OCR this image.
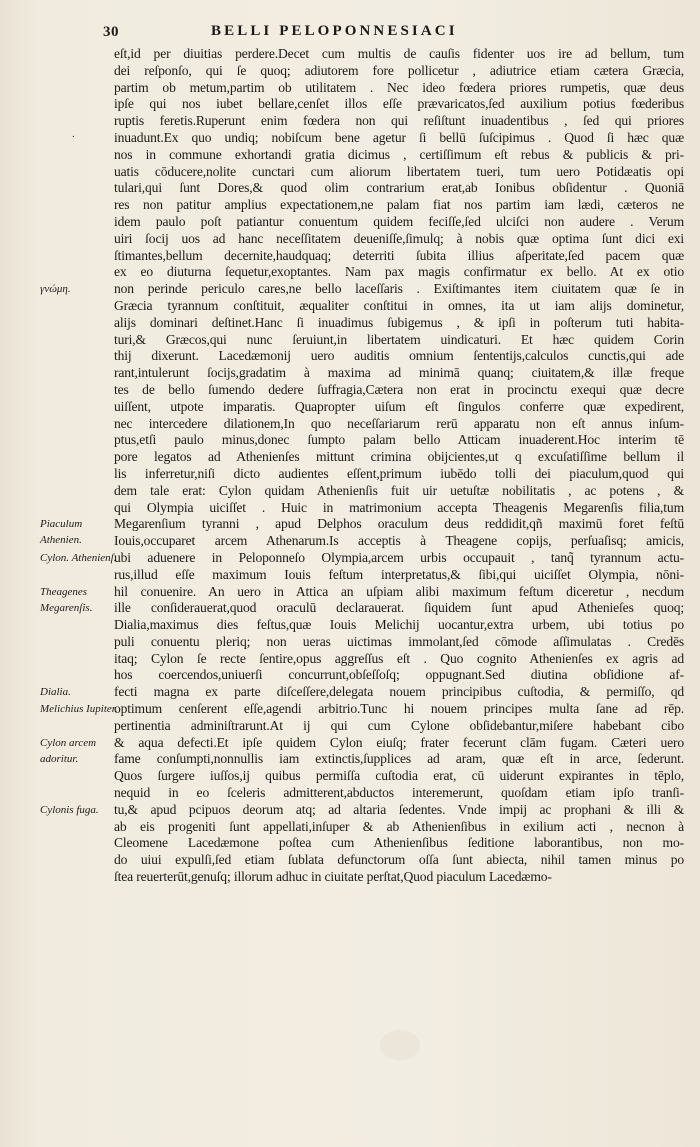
30	BELLI PELOPONNESIACI
·
γνώμη.
Piaculum Athenien.
Cylon. Athenienſ.
Theagenes Megarenſis.
Dialia.
Melichius Iupiter.
Cylon arcem adoritur.
Cylonis fuga.
eſt,id per diuitias perdere.Decet cum multis de cauſis fidenter uos ire ad bellum, tum
dei reſponſo, qui ſe quoq; adiutorem fore pollicetur , adiutrice etiam cætera Græcia,
partim ob metum,partim ob utilitatem . Nec ideo fœdera priores rumpetis, quæ deus
ipſe qui nos iubet bellare,cenſet illos eſſe prævaricatos,ſed auxilium potius fœderibus
ruptis feretis.Ruperunt enim fœdera non qui reſiſtunt inuadentibus , ſed qui priores
inuadunt.Ex quo undiq; nobiſcum bene agetur ſi bellū ſuſcipimus . Quod ſi hæc quæ
nos in commune exhortandi gratia dicimus , certiſſimum eſt rebus & publicis & pri-
uatis cōducere,nolite cunctari cum aliorum libertatem tueri, tum uero Potidæatis opi
tulari,qui ſunt Dores,& quod olim contrarium erat,ab Ionibus obſidentur . Quoniā
res non patitur amplius expectationem,ne palam fiat nos partim iam lædi, cæteros ne
idem paulo poſt patiantur conuentum quidem feciſſe,ſed ulciſci non audere . Verum
uiri ſocij uos ad hanc neceſſitatem deueniſſe,ſimulq; à nobis quæ optima ſunt dici exi
ſtimantes,bellum decernite,haudquaq; deterriti ſubita illius aſperitate,ſed pacem quæ
ex eo diuturna ſequetur,exoptantes. Nam pax magis confirmatur ex bello. At ex otio
non perinde periculo cares,ne bello laceſſaris . Exiſtimantes item ciuitatem quæ ſe in
Græcia tyrannum conſtituit, æqualiter conſtitui in omnes, ita ut iam alijs dominetur,
alijs dominari deſtinet.Hanc ſi inuadimus ſubigemus , & ipſi in poſterum tuti habita-
turi,& Græcos,qui nunc ſeruiunt,in libertatem uindicaturi. Et hæc quidem Corin
thij dixerunt. Lacedæmonij uero auditis omnium ſententijs,calculos cunctis,qui ade
rant,intulerunt ſocijs,gradatim à maxima ad minimā quanq; ciuitatem,& illæ freque
tes de bello ſumendo dedere ſuffragia,Cætera non erat in procinctu exequi quæ decre
uiſſent, utpote imparatis. Quapropter uiſum eſt ſingulos conferre quæ expedirent,
nec intercedere dilationem,In quo neceſſariarum rerū apparatu non eſt annus inſum-
ptus,etſi paulo minus,donec ſumpto palam bello Atticam inuaderent.Hoc interim tē
pore legatos ad Athenienſes mittunt crimina obijcientes,ut q excuſatiſſime bellum il
lis inferretur,niſi dicto audientes eſſent,primum iubēdo tolli dei piaculum,quod qui
dem tale erat: Cylon quidam Athenienſis fuit uir uetuſtæ nobilitatis , ac potens , &
qui Olympia uiciſſet . Huic in matrimonium accepta Theagenis Megarenſis filia,tum
Megarenſium tyranni , apud Delphos oraculum deus reddidit,qñ maximū foret feſtū
Iouis,occuparet arcem Athenarum.Is acceptis à Theagene copijs, perſuaſisq; amicis,
ubi aduenere in Peloponneſo Olympia,arcem urbis occupauit , tanq̃ tyrannum actu-
rus,illud eſſe maximum Iouis feſtum interpretatus,& ſibi,qui uiciſſet Olympia, nōni-
hil conuenire. An uero in Attica an uſpiam alibi maximum feſtum diceretur , necdum
ille conſiderauerat,quod oraculū declarauerat. ſiquidem ſunt apud Athenieſes quoq;
Dialia,maximus dies feſtus,quæ Iouis Melichij uocantur,extra urbem, ubi totius po
puli conuentu pleriq; non ueras uictimas immolant,ſed cōmode aſſimulatas . Credēs
itaq; Cylon ſe recte ſentire,opus aggreſſus eſt . Quo cognito Athenienſes ex agris ad
hos coercendos,uniuerſi concurrunt,obſeſſoſq; oppugnant.Sed diutina obſidione af-
fecti magna ex parte diſceſſere,delegata nouem principibus cuſtodia, & permiſſo, qd
optimum cenſerent eſſe,agendi arbitrio.Tunc hi nouem principes multa ſane ad rēp.
pertinentia adminiſtrarunt.At ij qui cum Cylone obſidebantur,miſere habebant cibo
& aqua defecti.Et ipſe quidem Cylon eiuſq; frater fecerunt clām fugam. Cæteri uero
fame conſumpti,nonnullis iam extinctis,ſupplices ad aram, quæ eſt in arce, ſederunt.
Quos ſurgere iuſſos,ij quibus permiſſa cuſtodia erat, cū uiderunt expirantes in tēplo,
nequid in eo ſceleris admitterent,abductos interemerunt, quoſdam etiam ipſo tranſi-
tu,& apud pcipuos deorum atq; ad altaria ſedentes. Vnde impij ac prophani & illi &
ab eis progeniti ſunt appellati,inſuper & ab Athenienſibus in exilium acti , necnon à
Cleomene Lacedæmone poſtea cum Athenienſibus ſeditione laborantibus, non mo-
do uiui expulſi,ſed etiam ſublata defunctorum oſſa ſunt abiecta, nihil tamen minus po
ſtea reuerterūt,genuſq; illorum adhuc in ciuitate perſtat,Quod piaculum Lacedæmo-
